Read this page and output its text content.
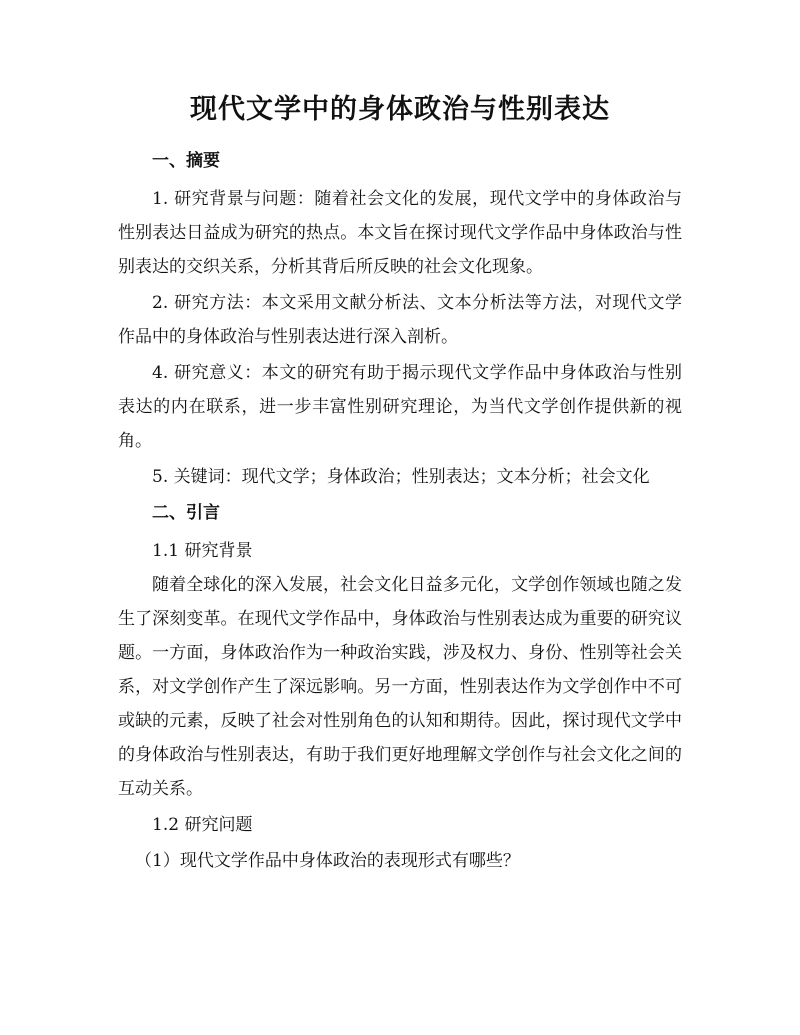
现代文学中的身体政治与性别表达
一、摘要

1. 研究背景与问题：随着社会文化的发展，现代文学中的身体政治与性别表达日益成为研究的热点。本文旨在探讨现代文学作品中身体政治与性别表达的交织关系，分析其背后所反映的社会文化现象。

2. 研究方法：本文采用文献分析法、文本分析法等方法，对现代文学作品中的身体政治与性别表达进行深入剖析。

4. 研究意义：本文的研究有助于揭示现代文学作品中身体政治与性别表达的内在联系，进一步丰富性别研究理论，为当代文学创作提供新的视角。

5. 关键词：现代文学；身体政治；性别表达；文本分析；社会文化

二、引言

1.1 研究背景

随着全球化的深入发展，社会文化日益多元化，文学创作领域也随之发生了深刻变革。在现代文学作品中，身体政治与性别表达成为重要的研究议题。一方面，身体政治作为一种政治实践，涉及权力、身份、性别等社会关系，对文学创作产生了深远影响。另一方面，性别表达作为文学创作中不可或缺的元素，反映了社会对性别角色的认知和期待。因此，探讨现代文学中的身体政治与性别表达，有助于我们更好地理解文学创作与社会文化之间的互动关系。

1.2 研究问题

（1）现代文学作品中身体政治的表现形式有哪些？
